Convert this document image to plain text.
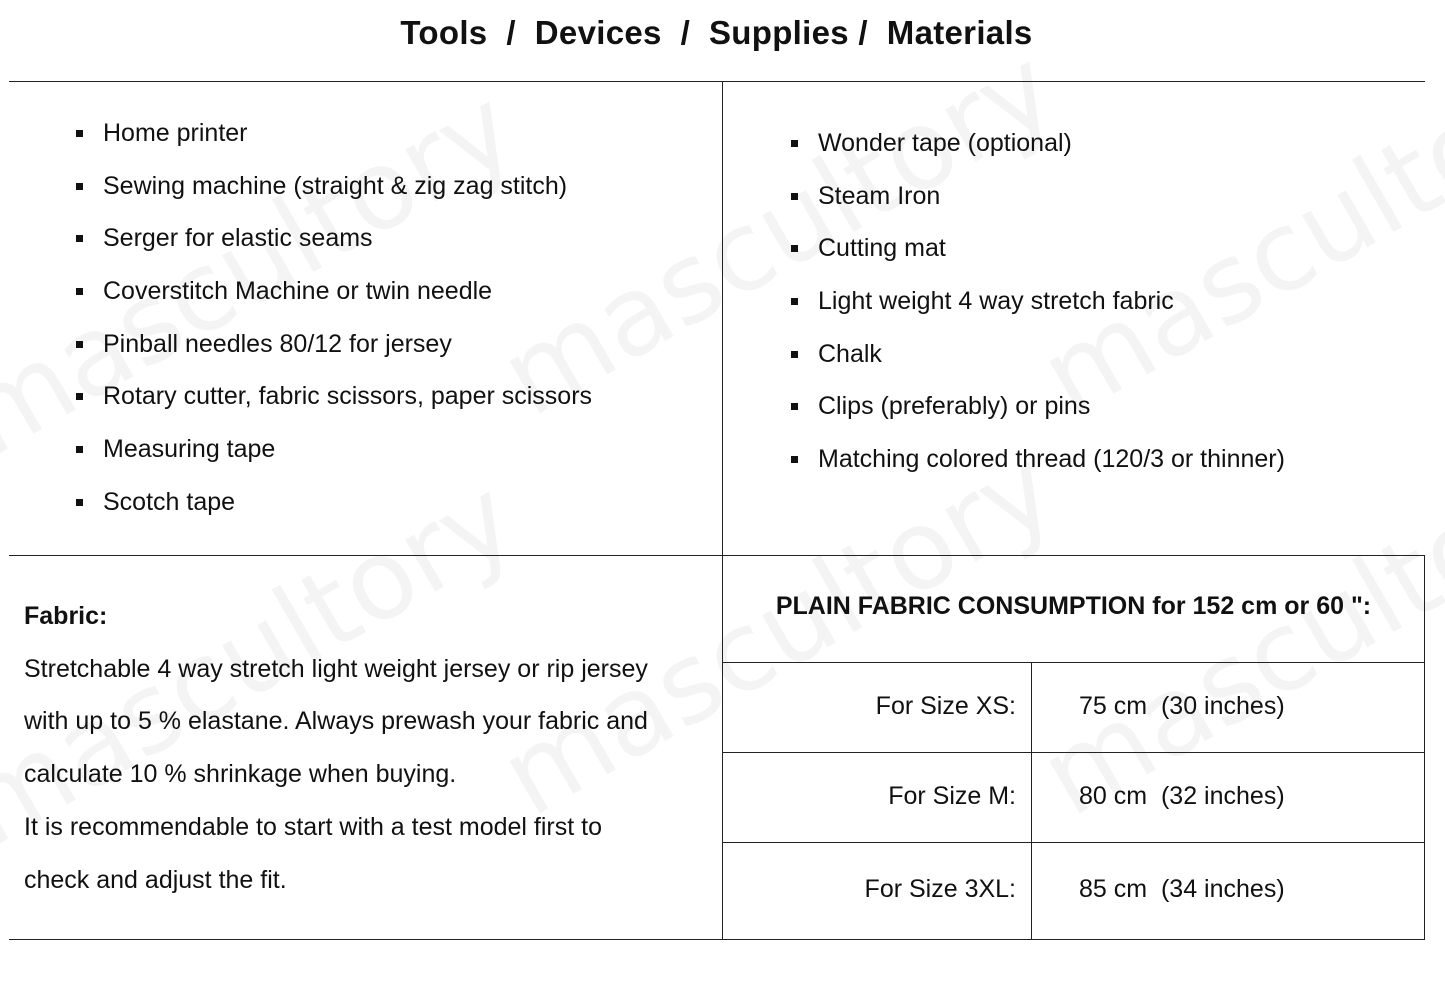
Tools  /  Devices  /  Supplies /  Materials
Home printer
Sewing machine (straight & zig zag stitch)
Serger for elastic seams
Coverstitch Machine or twin needle
Pinball needles 80/12 for jersey
Rotary cutter, fabric scissors, paper scissors
Measuring tape
Scotch tape
Wonder tape (optional)
Steam Iron
Cutting mat
Light weight 4 way stretch fabric
Chalk
Clips (preferably) or pins
Matching colored thread (120/3 or thinner)
Fabric:
Stretchable 4 way stretch light weight jersey or rip jersey
with up to 5 % elastane. Always prewash your fabric and
calculate 10 % shrinkage when buying.
It is recommendable to start with a test model first to
check and adjust the fit.
PLAIN FABRIC CONSUMPTION for 152 cm or 60 ":
For Size XS:	75 cm  (30 inches)
For Size M:	80 cm  (32 inches)
For Size 3XL:	85 cm  (34 inches)
